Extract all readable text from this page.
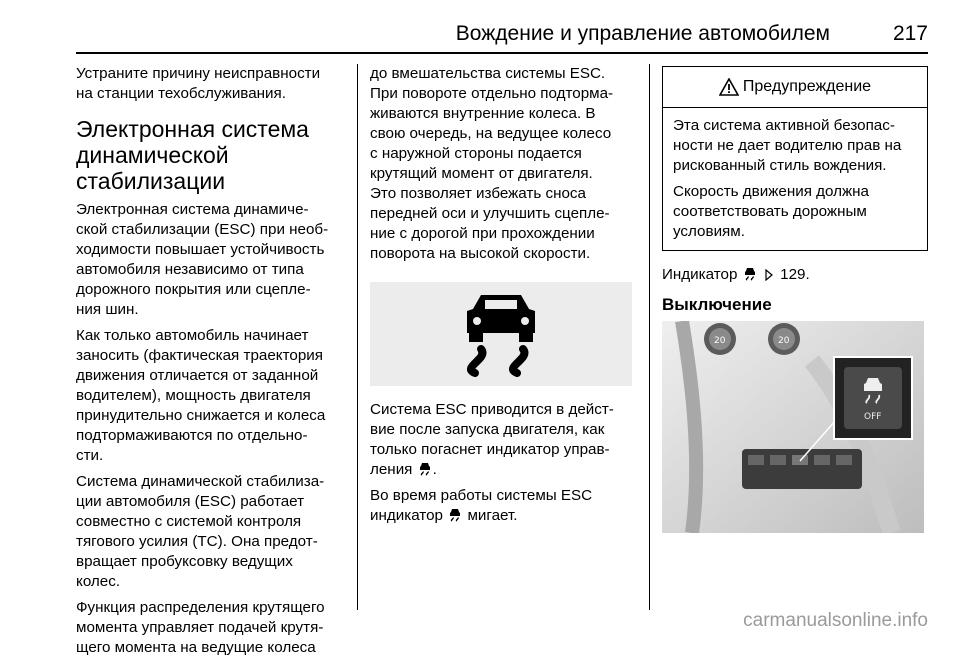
Вождение и управление автомобилем	217

Устраните причину неисправности
на станции техобслуживания.

Электронная система
динамической
стабилизации

Электронная система динамиче-
ской стабилизации (ESC) при необ-
ходимости повышает устойчивость
автомобиля независимо от типа
дорожного покрытия или сцепле-
ния шин.

Как только автомобиль начинает
заносить (фактическая траектория
движения отличается от заданной
водителем), мощность двигателя
принудительно снижается и колеса
подтормаживаются по отдельно-
сти.

Система динамической стабилиза-
ции автомобиля (ESC) работает
совместно с системой контроля
тягового усилия (TC). Она предот-
вращает пробуксовку ведущих
колес.

Функция распределения крутящего
момента управляет подачей крутя-
щего момента на ведущие колеса

до вмешательства системы ESC.
При повороте отдельно подторма-
живаются внутренние колеса. В
свою очередь, на ведущее колесо
с наружной стороны подается
крутящий момент от двигателя.
Это позволяет избежать сноса
передней оси и улучшить сцепле-
ние с дорогой при прохождении
поворота на высокой скорости.

Система ESC приводится в дейст-
вие после запуска двигателя, как
только погаснет индикатор управ-
ления .

Во время работы системы ESC
индикатор мигает.

Предупреждение

Эта система активной безопас-
ности не дает водителю прав на
рискованный стиль вождения.

Скорость движения должна
соответствовать дорожным
условиям.

Индикатор	129.

Выключение
20	20
OFF
carmanualsonline.info
